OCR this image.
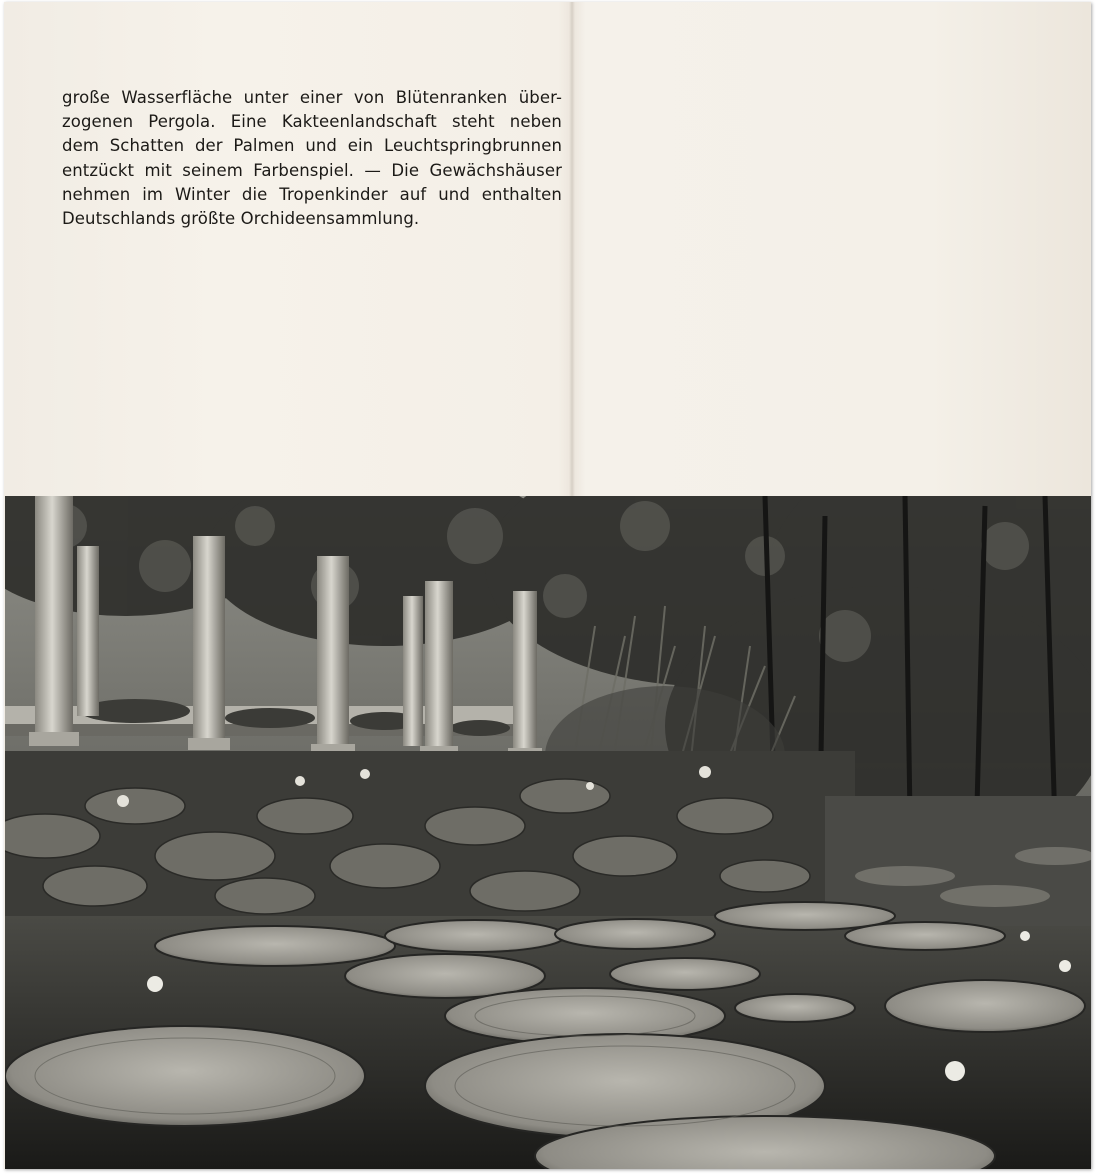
große Wasserfläche unter einer von Blütenranken über-
zogenen Pergola. Eine Kakteenlandschaft steht neben
dem Schatten der Palmen und ein Leuchtspringbrunnen
entzückt mit seinem Farbenspiel. — Die Gewächshäuser
nehmen im Winter die Tropenkinder auf und enthalten
Deutschlands größte Orchideensammlung.
